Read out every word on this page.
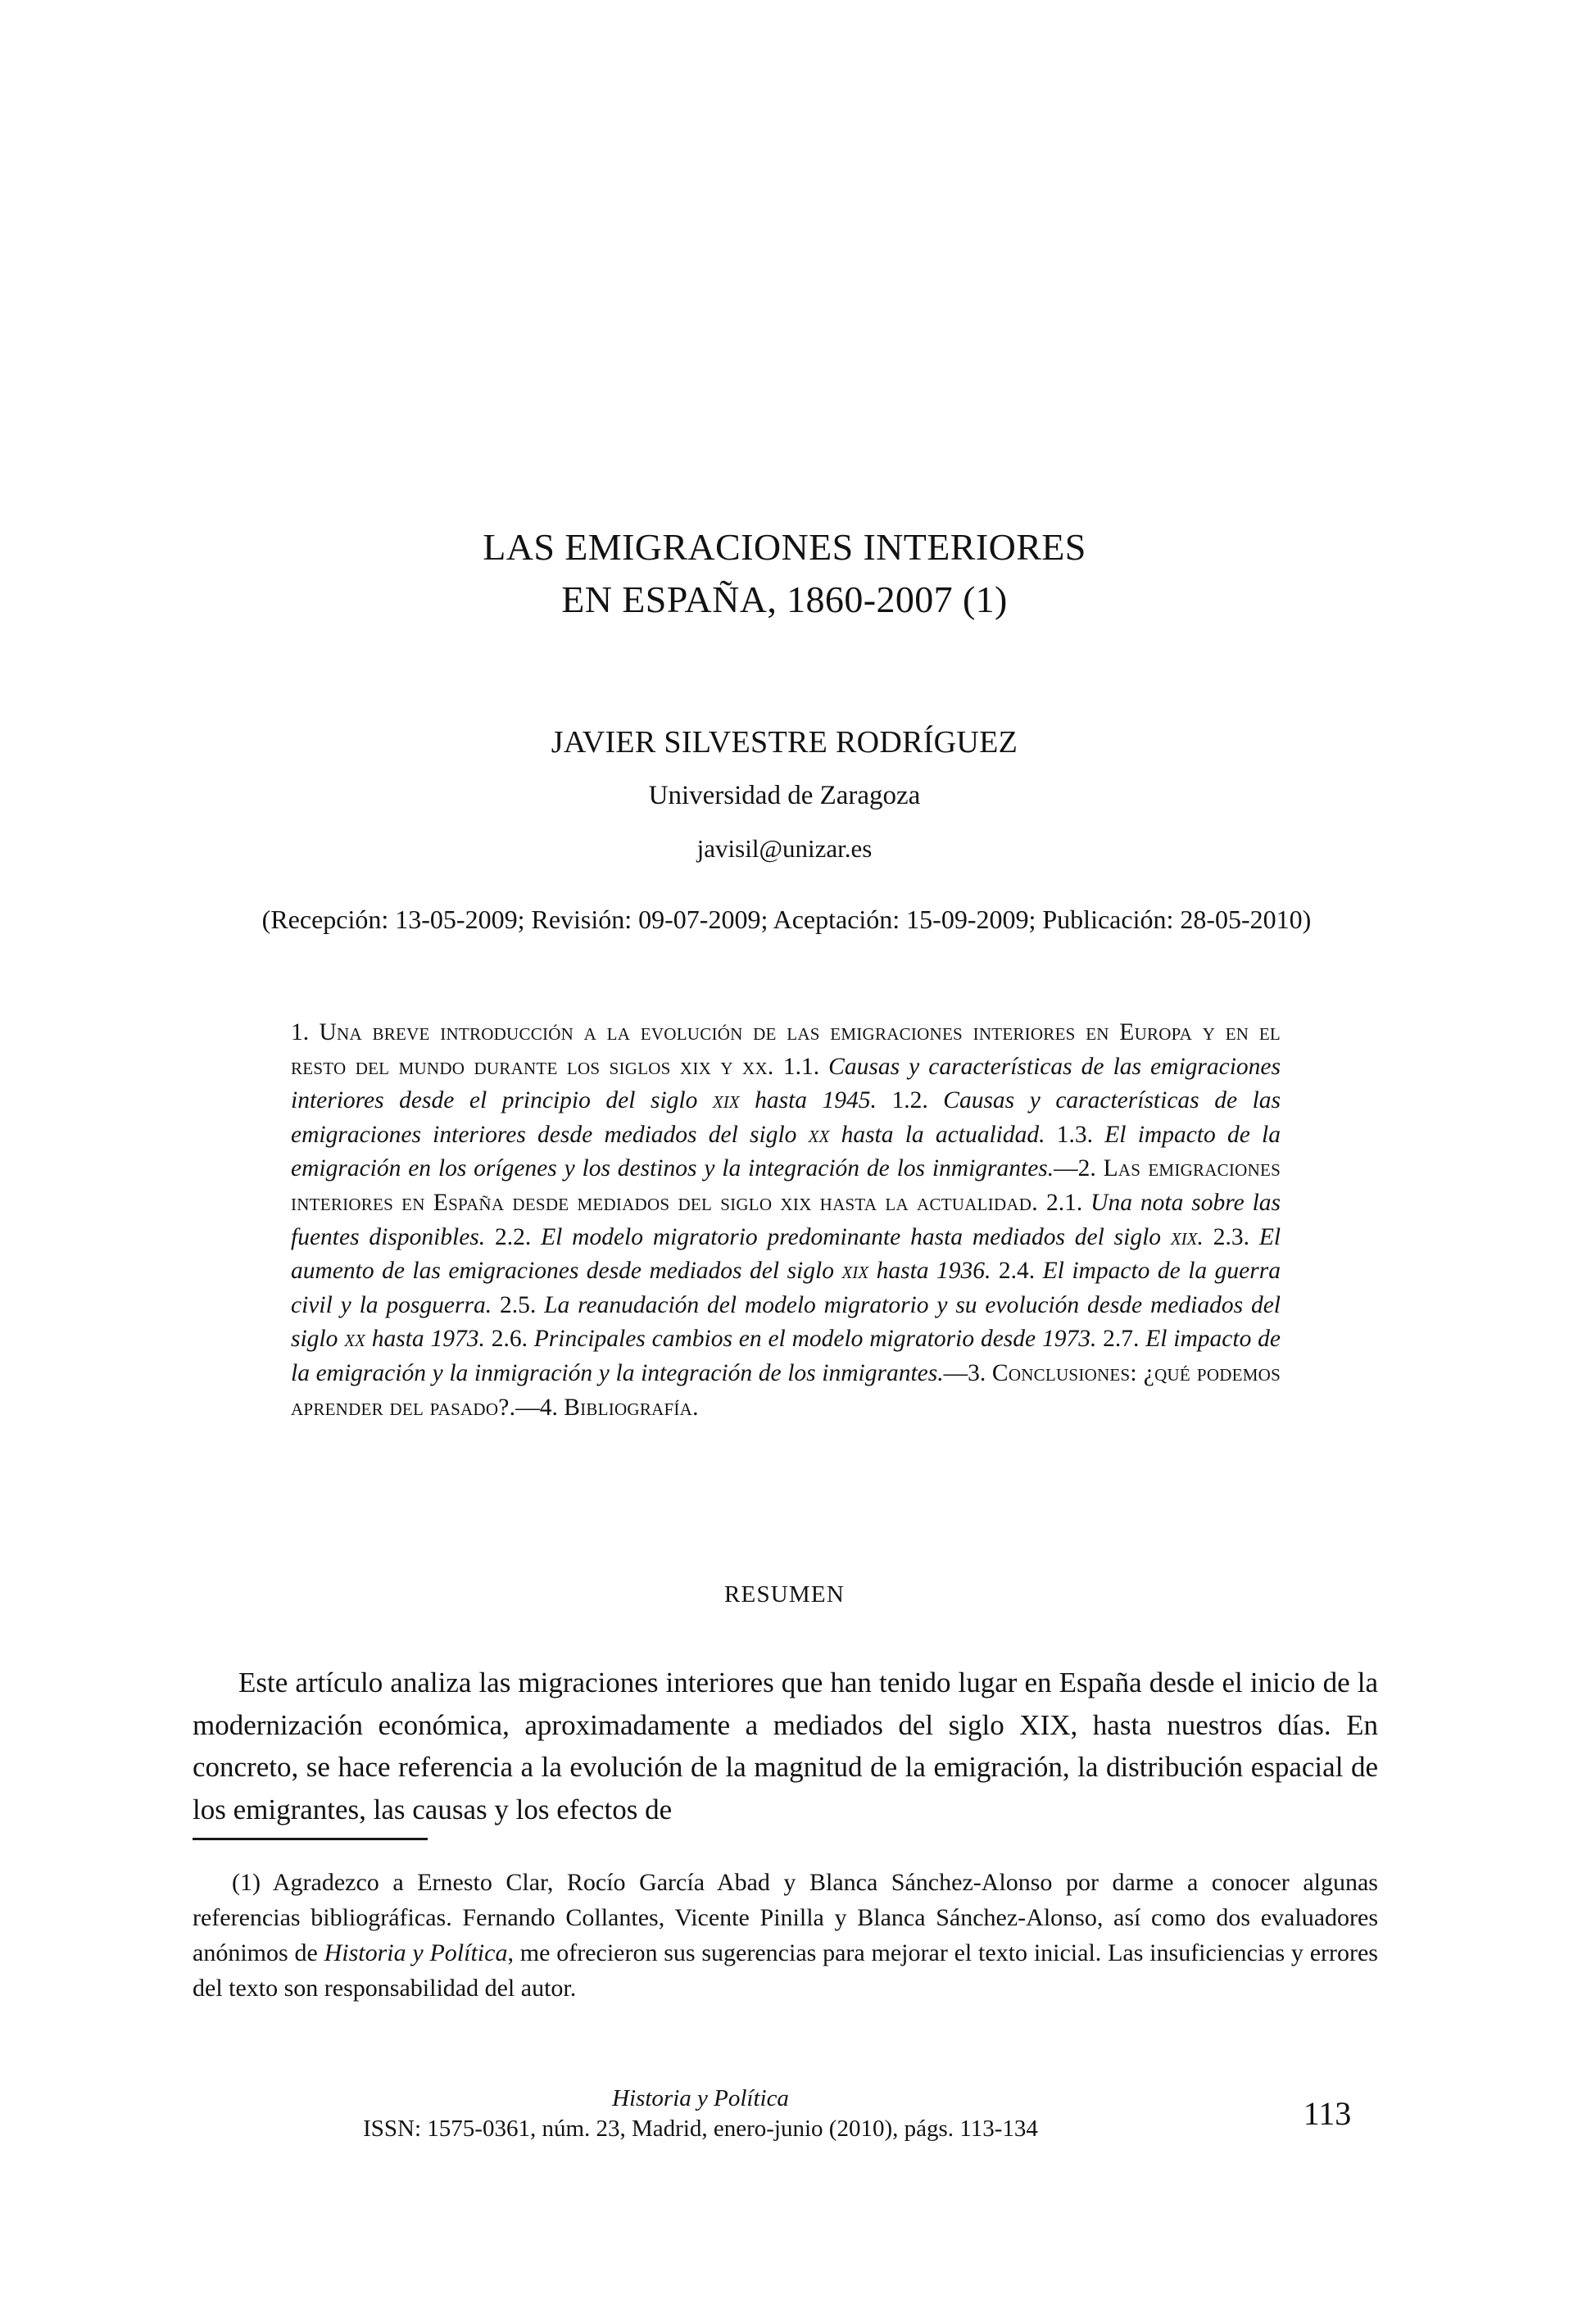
LAS EMIGRACIONES INTERIORES
EN ESPAÑA, 1860-2007 (1)
JAVIER SILVESTRE RODRÍGUEZ
Universidad de Zaragoza
javisil@unizar.es
(Recepción: 13-05-2009; Revisión: 09-07-2009; Aceptación: 15-09-2009; Publicación: 28-05-2010)
1. Una breve introducción a la evolución de las emigraciones interiores en Europa y en el resto del mundo durante los siglos xix y xx. 1.1. Causas y características de las emigraciones interiores desde el principio del siglo xix hasta 1945. 1.2. Causas y características de las emigraciones interiores desde mediados del siglo xx hasta la actualidad. 1.3. El impacto de la emigración en los orígenes y los destinos y la integración de los inmigrantes.—2. Las emigraciones interiores en España desde mediados del siglo xix hasta la actualidad. 2.1. Una nota sobre las fuentes disponibles. 2.2. El modelo migratorio predominante hasta mediados del siglo xix. 2.3. El aumento de las emigraciones desde mediados del siglo xix hasta 1936. 2.4. El impacto de la guerra civil y la posguerra. 2.5. La reanudación del modelo migratorio y su evolución desde mediados del siglo xx hasta 1973. 2.6. Principales cambios en el modelo migratorio desde 1973. 2.7. El impacto de la emigración y la inmigración y la integración de los inmigrantes.—3. Conclusiones: ¿qué podemos aprender del pasado?.—4. Bibliografía.
RESUMEN
Este artículo analiza las migraciones interiores que han tenido lugar en España desde el inicio de la modernización económica, aproximadamente a mediados del siglo XIX, hasta nuestros días. En concreto, se hace referencia a la evolución de la magnitud de la emigración, la distribución espacial de los emigrantes, las causas y los efectos de
(1) Agradezco a Ernesto Clar, Rocío García Abad y Blanca Sánchez-Alonso por darme a conocer algunas referencias bibliográficas. Fernando Collantes, Vicente Pinilla y Blanca Sánchez-Alonso, así como dos evaluadores anónimos de Historia y Política, me ofrecieron sus sugerencias para mejorar el texto inicial. Las insuficiencias y errores del texto son responsabilidad del autor.
Historia y Política
ISSN: 1575-0361, núm. 23, Madrid, enero-junio (2010), págs. 113-134	113
